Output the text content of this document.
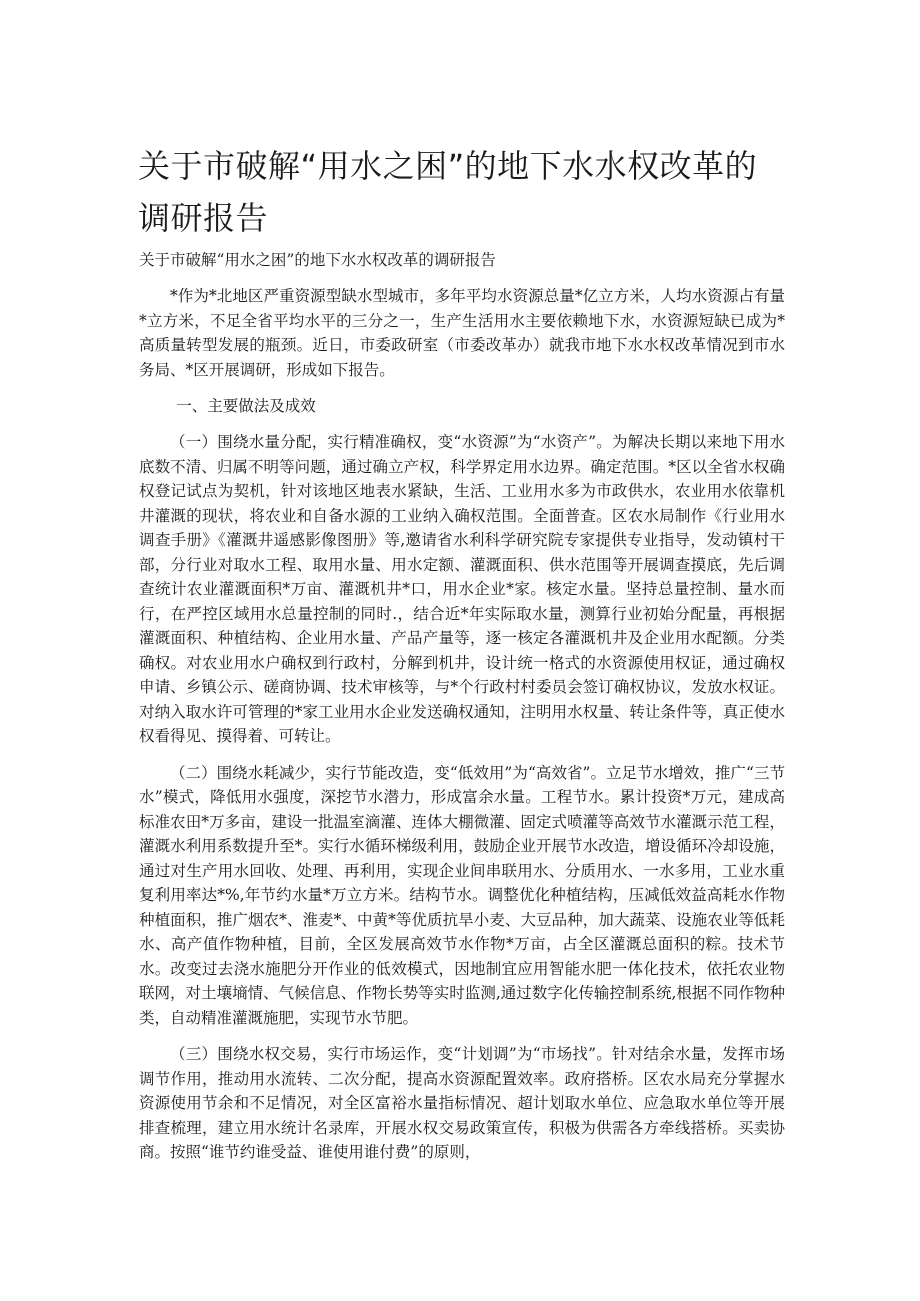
关于市破解“用水之困”的地下水水权改革的调研报告

关于市破解“用水之困”的地下水水权改革的调研报告

*作为*北地区严重资源型缺水型城市，多年平均水资源总量*亿立方米，人均水资源占有量*立方米，不足全省平均水平的三分之一，生产生活用水主要依赖地下水，水资源短缺已成为*高质量转型发展的瓶颈。近日，市委政研室（市委改革办）就我市地下水水权改革情况到市水务局、*区开展调研，形成如下报告。

一、主要做法及成效

（一）围绕水量分配，实行精准确权，变“水资源”为“水资产”。为解决长期以来地下用水底数不清、归属不明等问题，通过确立产权，科学界定用水边界。确定范围。*区以全省水权确权登记试点为契机，针对该地区地表水紧缺，生活、工业用水多为市政供水，农业用水依靠机井灌溉的现状，将农业和自备水源的工业纳入确权范围。全面普查。区农水局制作《行业用水调查手册》《灌溉井遥感影像图册》等,邀请省水利科学研究院专家提供专业指导，发动镇村干部，分行业对取水工程、取用水量、用水定额、灌溉面积、供水范围等开展调查摸底，先后调查统计农业灌溉面积*万亩、灌溉机井*口，用水企业*家。核定水量。坚持总量控制、量水而行，在严控区域用水总量控制的同时.，结合近*年实际取水量，测算行业初始分配量，再根据灌溉面积、种植结构、企业用水量、产品产量等，逐一核定各灌溉机井及企业用水配额。分类确权。对农业用水户确权到行政村，分解到机井，设计统一格式的水资源使用权证，通过确权申请、乡镇公示、磋商协调、技术审核等，与*个行政村村委员会签订确权协议，发放水权证。对纳入取水许可管理的*家工业用水企业发送确权通知，注明用水权量、转让条件等，真正使水权看得见、摸得着、可转让。

（二）围绕水耗减少，实行节能改造，变“低效用”为“高效省”。立足节水增效，推广“三节水”模式，降低用水强度，深挖节水潜力，形成富余水量。工程节水。累计投资*万元，建成高标准农田*万多亩，建设一批温室滴灌、连体大棚微灌、固定式喷灌等高效节水灌溉示范工程，灌溉水利用系数提升至*。实行水循环梯级利用，鼓励企业开展节水改造，增设循环冷却设施，通过对生产用水回收、处理、再利用，实现企业间串联用水、分质用水、一水多用，工业水重复利用率达*%,年节约水量*万立方米。结构节水。调整优化种植结构，压减低效益高耗水作物种植面积，推广烟农*、淮麦*、中黄*等优质抗旱小麦、大豆品种，加大蔬菜、设施农业等低耗水、高产值作物种植，目前，全区发展高效节水作物*万亩，占全区灌溉总面积的粽。技术节水。改变过去浇水施肥分开作业的低效模式，因地制宜应用智能水肥一体化技术，依托农业物联网，对土壤墒情、气候信息、作物长势等实时监测,通过数字化传输控制系统,根据不同作物种类，自动精准灌溉施肥，实现节水节肥。

（三）围绕水权交易，实行市场运作，变“计划调”为“市场找”。针对结余水量，发挥市场调节作用，推动用水流转、二次分配，提高水资源配置效率。政府搭桥。区农水局充分掌握水资源使用节余和不足情况，对全区富裕水量指标情况、超计划取水单位、应急取水单位等开展排查梳理，建立用水统计名录库，开展水权交易政策宣传，积极为供需各方牵线搭桥。买卖协商。按照“谁节约谁受益、谁使用谁付费”的原则，
